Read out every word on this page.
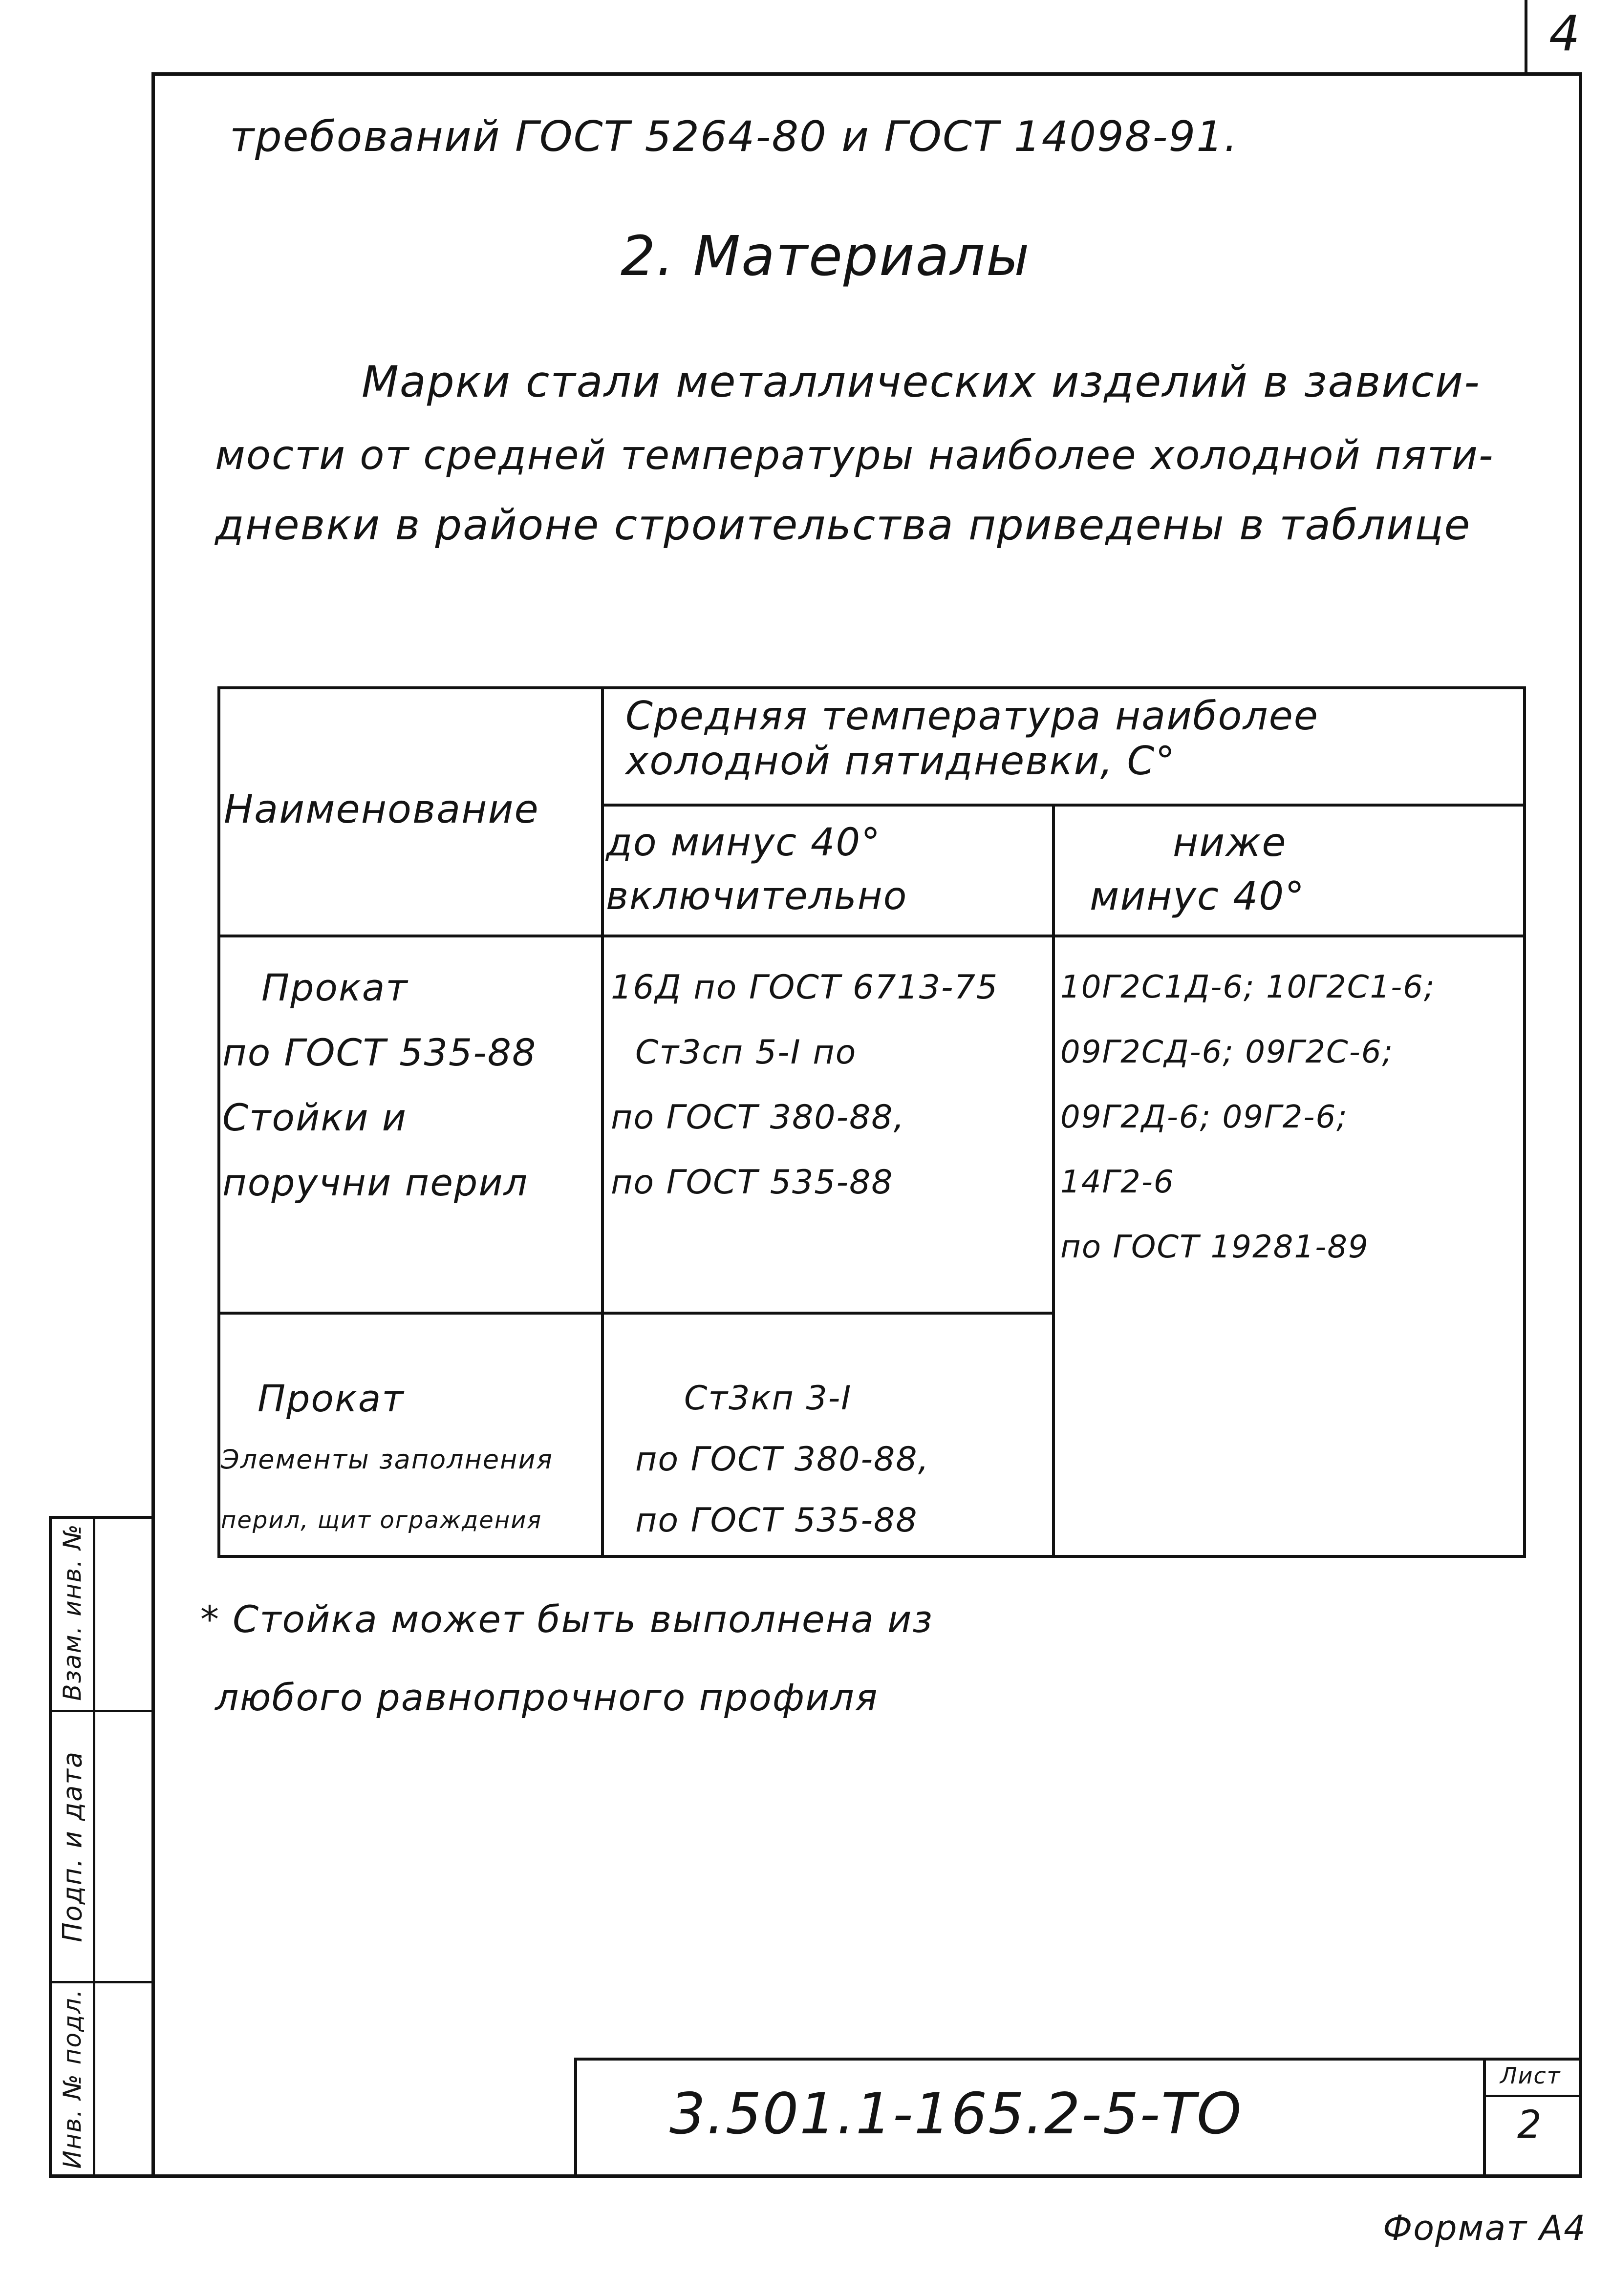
4
требований ГОСТ 5264-80 и ГОСТ 14098-91.
2. Материалы
Марки стали металлических изделий в зависи-
мости от средней температуры наиболее холодной пяти-
дневки в районе строительства приведены в таблице
Наименование
Средняя температура наиболее
холодной пятидневки, С°
до минус 40°
включительно
ниже
минус 40°
Прокат
по ГОСТ 535-88
Стойки и
поручни перил
16Д по ГОСТ 6713-75
Ст3сп 5-I по
по ГОСТ 380-88,
по ГОСТ 535-88
10Г2С1Д-6; 10Г2С1-6;
09Г2СД-6; 09Г2С-6;
09Г2Д-6; 09Г2-6;
14Г2-6
по ГОСТ 19281-89
Прокат
Элементы заполнения
перил, щит ограждения
Ст3кп 3-I
по ГОСТ 380-88,
по ГОСТ 535-88
* Стойка может быть выполнена из
любого равнопрочного профиля
Взам. инв. №
Подп. и дата
Инв. № подл.	3.501.1-165.2-5-ТО
Лист
2
Формат А4
